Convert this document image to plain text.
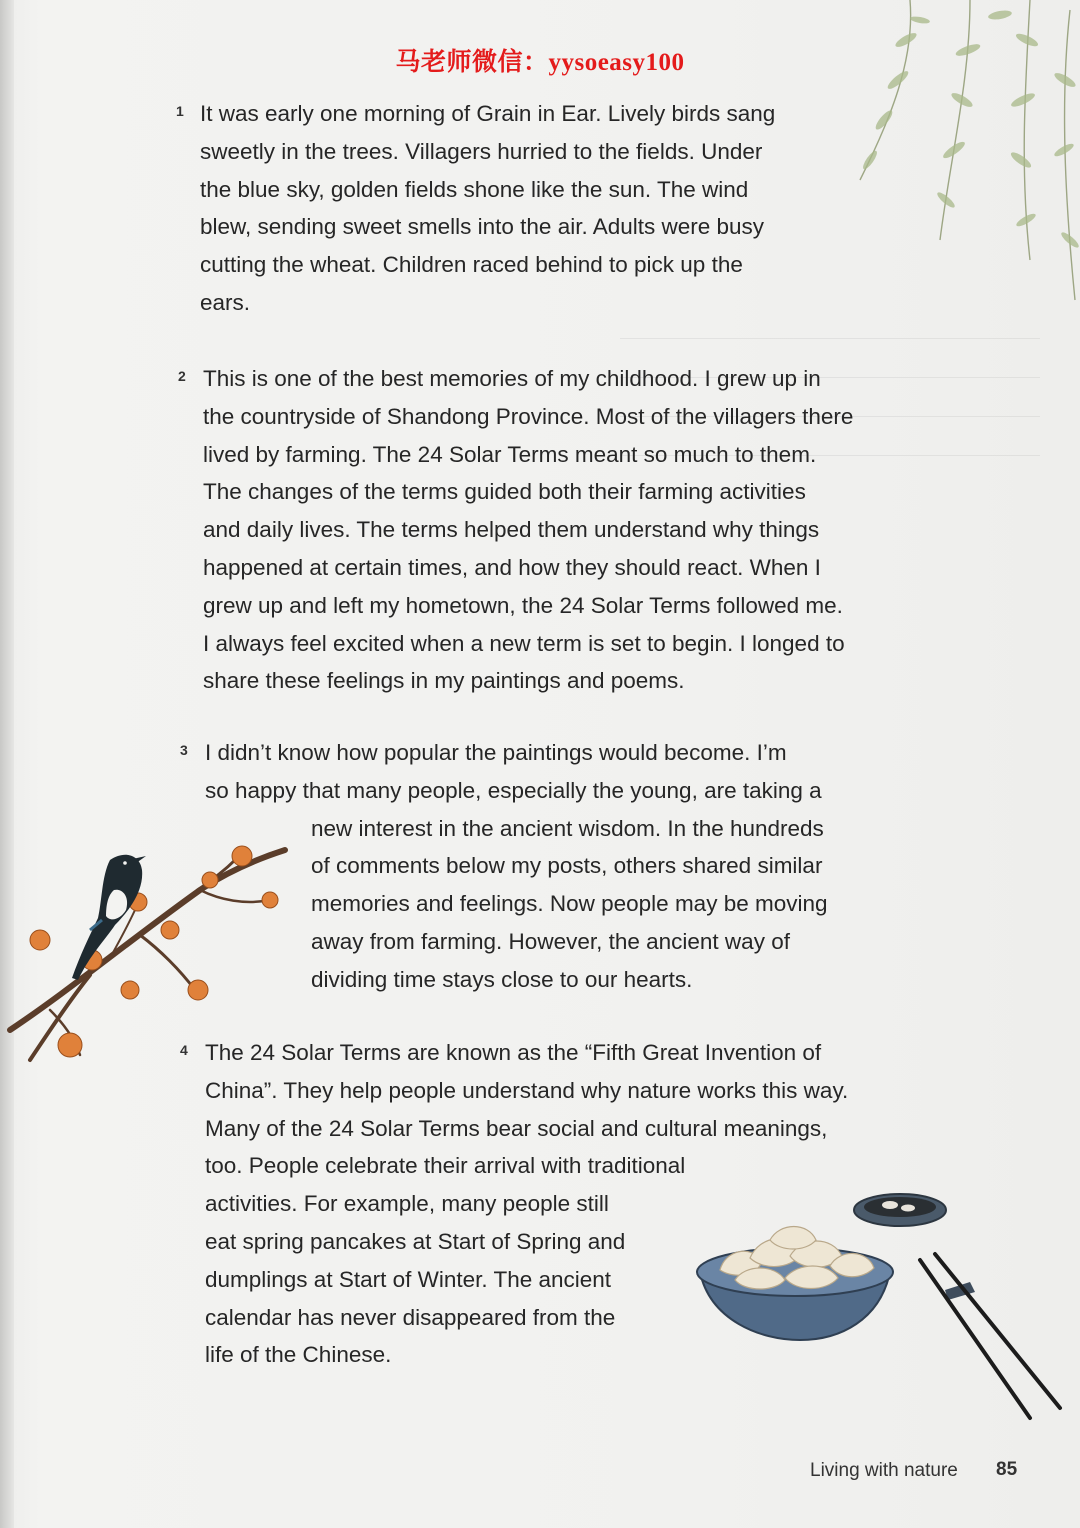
马老师微信：yysoeasy100
1 It was early one morning of Grain in Ear. Lively birds sang
sweetly in the trees. Villagers hurried to the fields. Under
the blue sky, golden fields shone like the sun. The wind
blew, sending sweet smells into the air. Adults were busy
cutting the wheat. Children raced behind to pick up the
ears.
2 This is one of the best memories of my childhood. I grew up in
the countryside of Shandong Province. Most of the villagers there
lived by farming. The 24 Solar Terms meant so much to them.
The changes of the terms guided both their farming activities
and daily lives. The terms helped them understand why things
happened at certain times, and how they should react. When I
grew up and left my hometown, the 24 Solar Terms followed me.
I always feel excited when a new term is set to begin. I longed to
share these feelings in my paintings and poems.
3 I didn’t know how popular the paintings would become. I’m
so happy that many people, especially the young, are taking a
new interest in the ancient wisdom. In the hundreds
of comments below my posts, others shared similar
memories and feelings. Now people may be moving
away from farming. However, the ancient way of
dividing time stays close to our hearts.
4 The 24 Solar Terms are known as the “Fifth Great Invention of
China”. They help people understand why nature works this way.
Many of the 24 Solar Terms bear social and cultural meanings,
too. People celebrate their arrival with traditional
activities. For example, many people still
eat spring pancakes at Start of Spring and
dumplings at Start of Winter. The ancient
calendar has never disappeared from the
life of the Chinese.
Living with nature 85
